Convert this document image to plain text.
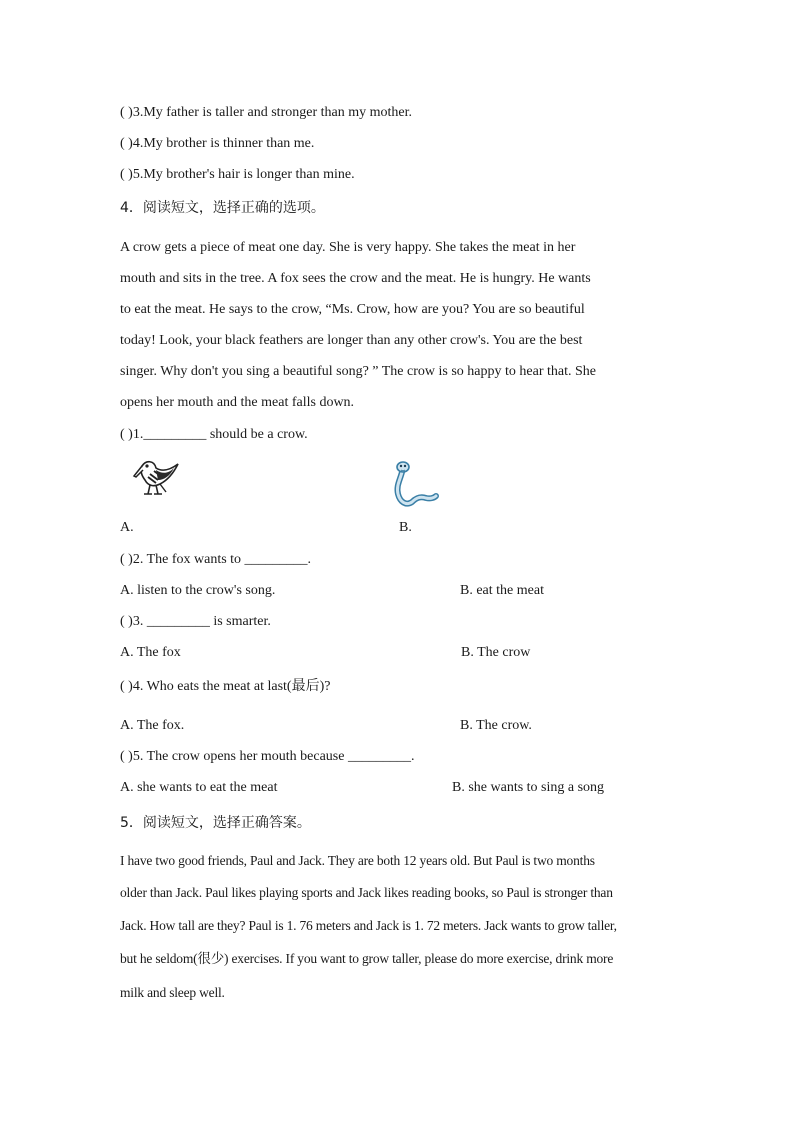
( )3.My father is taller and stronger than my mother.
( )4.My brother is thinner than me.
( )5.My brother's hair is longer than mine.
4．阅读短文，选择正确的选项。
A crow gets a piece of meat one day. She is very happy. She takes the meat in her
mouth and sits in the tree. A fox sees the crow and the meat. He is hungry. He wants
to eat the meat. He says to the crow, “Ms. Crow, how are you? You are so beautiful
today! Look, your black feathers are longer than any other crow's. You are the best
singer. Why don't you sing a beautiful song? ” The crow is so happy to hear that. She
opens her mouth and the meat falls down.
( )1._________ should be a crow.
A.	B.
( )2. The fox wants to _________.
A. listen to the crow's song.	B. eat the meat
( )3. _________ is smarter.
A. The fox	B. The crow
( )4. Who eats the meat at last(最后)?
A. The fox.	B. The crow.
( )5. The crow opens her mouth because _________.
A. she wants to eat the meat	B. she wants to sing a song
5．阅读短文，选择正确答案。
I have two good friends, Paul and Jack. They are both 12 years old. But Paul is two months
older than Jack. Paul likes playing sports and Jack likes reading books, so Paul is stronger than
Jack. How tall are they? Paul is 1. 76 meters and Jack is 1. 72 meters. Jack wants to grow taller,
but he seldom(很少) exercises. If you want to grow taller, please do more exercise, drink more
milk and sleep well.
